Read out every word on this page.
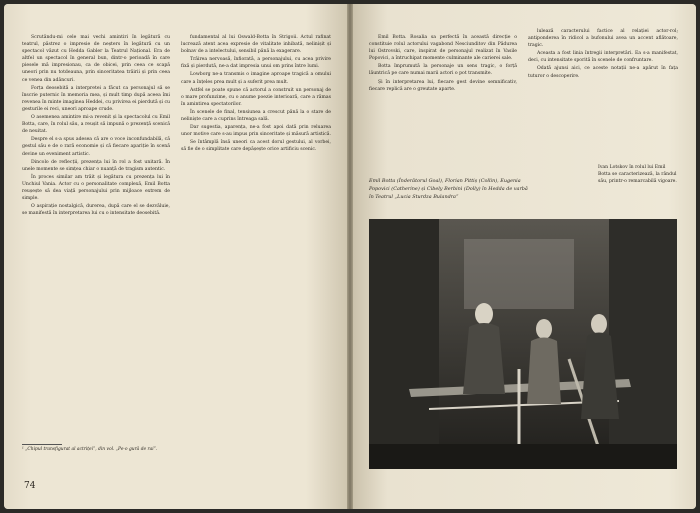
Scrutându-mi cele mai vechi amintiri în legătură cu teatrul, păstrez o impresie de neșters în legătură cu un spectacol văzut cu Hedda Gabler la Teatrul Național. Era de altfel un spectacol în general bun, dintr-o perioadă în care piesele mă impresionau, ca de obicei, prin ceea ce scapă uneori prin nu totdeauna, prin sinceritatea trăirii și prin ceea ce venea din adâncuri.

Forța deosebită a interpretei a făcut ca personajul să se înscrie puternic în memoria mea, și mult timp după aceea îmi revenea în minte imaginea Heddei, cu privirea ei pierdută și cu gesturile ei reci, uneori aproape crude.

O asemenea amintire mi-a revenit și la spectacolul cu Emil Botta, care, în rolul său, a reușit să impună o prezență scenică de neuitat.

Despre el s-a spus adesea că are o voce inconfundabilă, că gestul său e de o rară economie și că fiecare apariție în scenă devine un eveniment artistic.

Dincolo de reflecții, prezența lui în rol a fost unitară. În unele momente se simțea chiar o nuanță de tragism autentic.

În proces similar am trăit și legătura cu prezența lui în Unchiul Vania. Actor cu o personalitate complexă, Emil Botta reușește să dea viață personajului prin mijloace extrem de simple.

O aspirație nostalgică, durerea, după care el se dezvăluie, se manifestă în interpretarea lui cu o intensitate deosebită.

¹ „Chipul transfigurat al actriței”, din vol. „Pe-o gură de rai”.
74

fundamental al lui Oswald-Botta în Strigoii. Actul rafinat lucrează atent acea expresie de vitalitate inhibată, nelinișit și bolnav de a intelectului, sensibil până la exagerare.

Trăirea nervoasă, înfiorată, a personajului, cu acea privire fixă și pierdută, ne-a dat impresia unui om prins între lumi.

Lowborg ne-a transmis o imagine aproape tragică a omului care a înțeles prea mult și a suferit prea mult.

Astfel se poate spune că actorul a construit un personaj de o mare profunzime, cu o anume poezie interioară, care a rămas în amintirea spectatorilor.

În scenele de final, tensiunea a crescut până la o stare de neliniște care a cuprins întreaga sală.

Dar sugestia, aparența, ne-a fost apoi dată prin reluarea unor motive care s-au impus prin sinceritate și măsură artistică.

Se întâmplă însă uneori ca acest dorul gestului, al vorbei, să fie de o simplitate care depășește orice artificiu scenic.

Emil Botta. Rosalia sa perfectă în această direcție o constituie rolul actorului vagabond Nesciunditov din Pădurea lui Ostrovski, care, inspirat de personajul realizat în Vasile Popovici, a întruchipat momente culminante ale carierei sale.

Botta împrumută la personaje un sens tragic, o forță lăuntrică pe care numai marii actori o pot transmite.

Și în interpretarea lui, fiecare gest devine semnificativ, fiecare replică are o greutate aparte.

lulează caracterului factice al relației actor-rol; antiponderea în ridicol a bufonului avea un accent aflătoare, tragic.

Aceasta a fost linia întregii interpretări. Ea s-a manifestat, deci, cu intensitate sporită în scenele de confruntare.

Odată ajunsi aici, ce aceste notații ne-a apărut în fața tuturor o descoperire.

Ivan Lotskov în rolul lui Emil Botta se caracterizează, la rândul său, printr-o remarcabilă vigoare.
Emil Botta (Înderătorul Goal), Florian Pittiș (Collin), Eugenia Popovici (Catherine) și Cibely Berbini (Dolly) în Hedda de varbă în Teatrul „Lucia Sturdza Bulandra”
